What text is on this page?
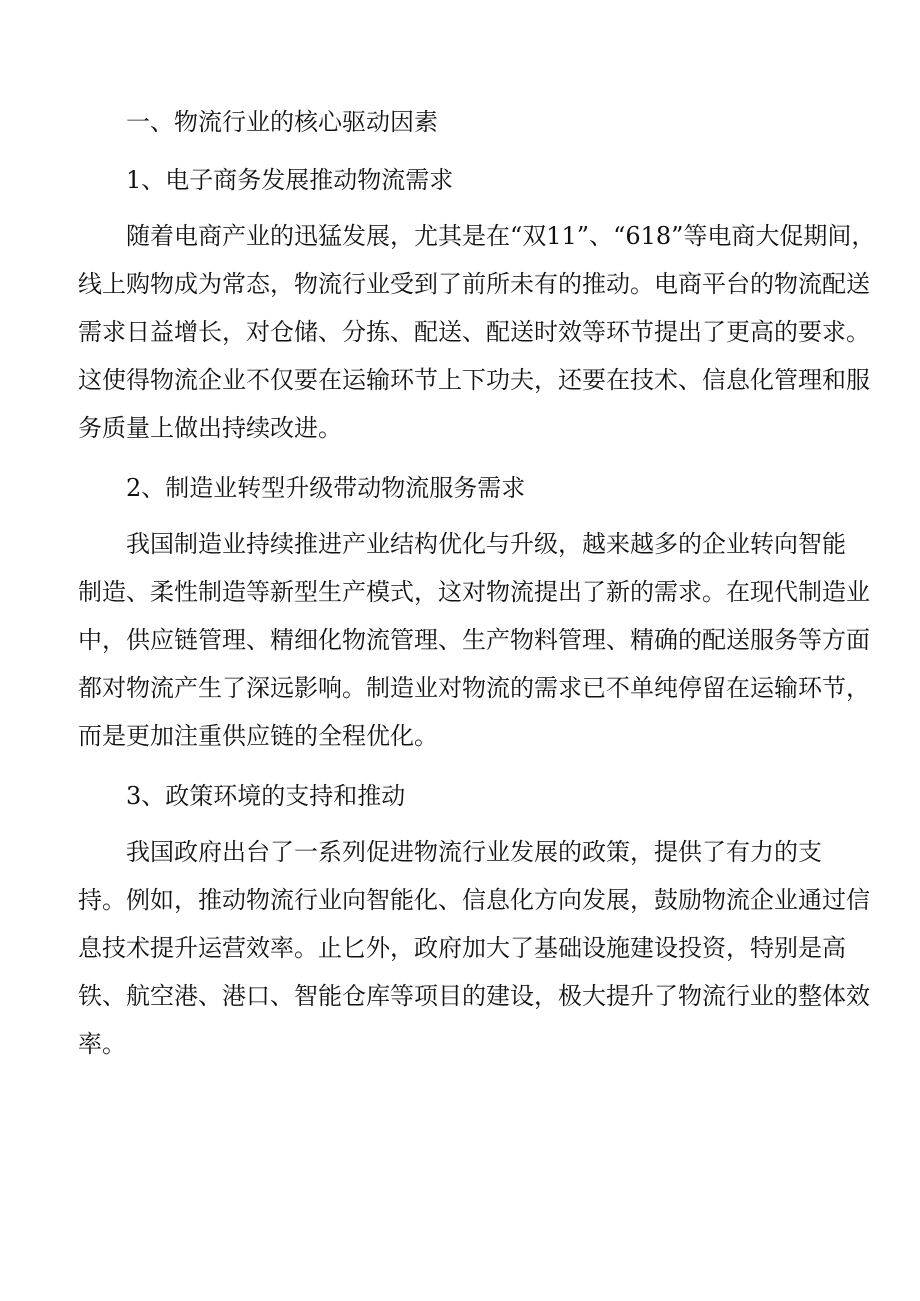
一、物流行业的核心驱动因素
1、电子商务发展推动物流需求
随着电商产业的迅猛发展，尤其是在“双11”、“618”等电商大促期间，
线上购物成为常态，物流行业受到了前所未有的推动。电商平台的物流配送
需求日益增长，对仓储、分拣、配送、配送时效等环节提出了更高的要求。
这使得物流企业不仅要在运输环节上下功夫，还要在技术、信息化管理和服
务质量上做出持续改进。
2、制造业转型升级带动物流服务需求
我国制造业持续推进产业结构优化与升级，越来越多的企业转向智能
制造、柔性制造等新型生产模式，这对物流提出了新的需求。在现代制造业
中，供应链管理、精细化物流管理、生产物料管理、精确的配送服务等方面
都对物流产生了深远影响。制造业对物流的需求已不单纯停留在运输环节，
而是更加注重供应链的全程优化。
3、政策环境的支持和推动
我国政府出台了一系列促进物流行业发展的政策，提供了有力的支
持。例如，推动物流行业向智能化、信息化方向发展，鼓励物流企业通过信
息技术提升运营效率。止匕外，政府加大了基础设施建设投资，特别是高
铁、航空港、港口、智能仓库等项目的建设，极大提升了物流行业的整体效
率。
